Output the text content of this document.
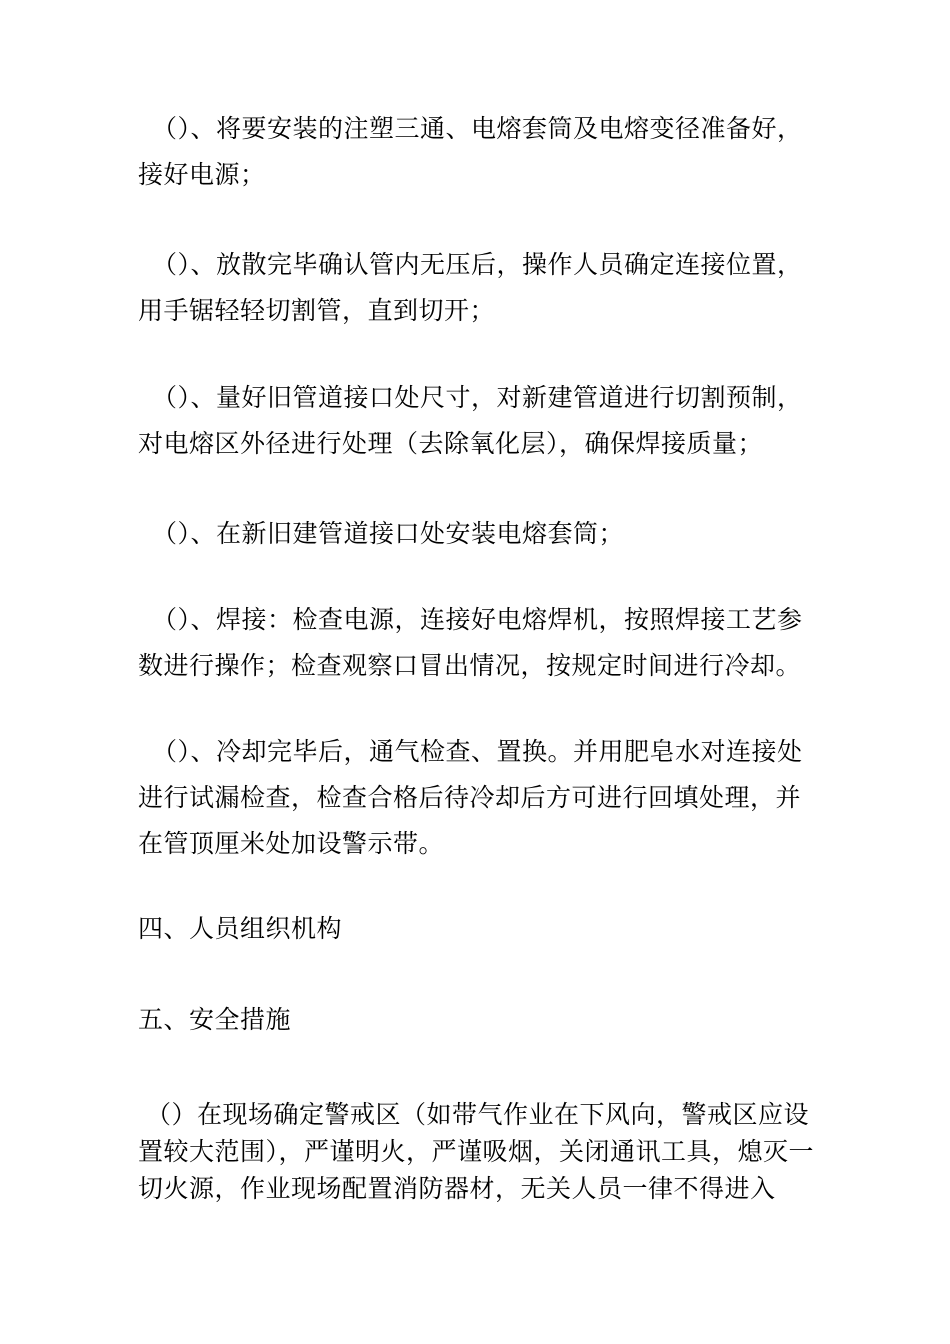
（）、将要安装的注塑三通、电熔套筒及电熔变径准备好，接好电源；

（）、放散完毕确认管内无压后，操作人员确定连接位置，用手锯轻轻切割管，直到切开；

（）、量好旧管道接口处尺寸，对新建管道进行切割预制，对电熔区外径进行处理（去除氧化层），确保焊接质量；

（）、在新旧建管道接口处安装电熔套筒；

（）、焊接：检查电源，连接好电熔焊机，按照焊接工艺参数进行操作；检查观察口冒出情况，按规定时间进行冷却。

（）、冷却完毕后，通气检查、置换。并用肥皂水对连接处进行试漏检查，检查合格后待冷却后方可进行回填处理，并在管顶厘米处加设警示带。

四、人员组织机构

五、安全措施

（）在现场确定警戒区（如带气作业在下风向，警戒区应设置较大范围），严谨明火，严谨吸烟，关闭通讯工具，熄灭一切火源，作业现场配置消防器材，无关人员一律不得进入
